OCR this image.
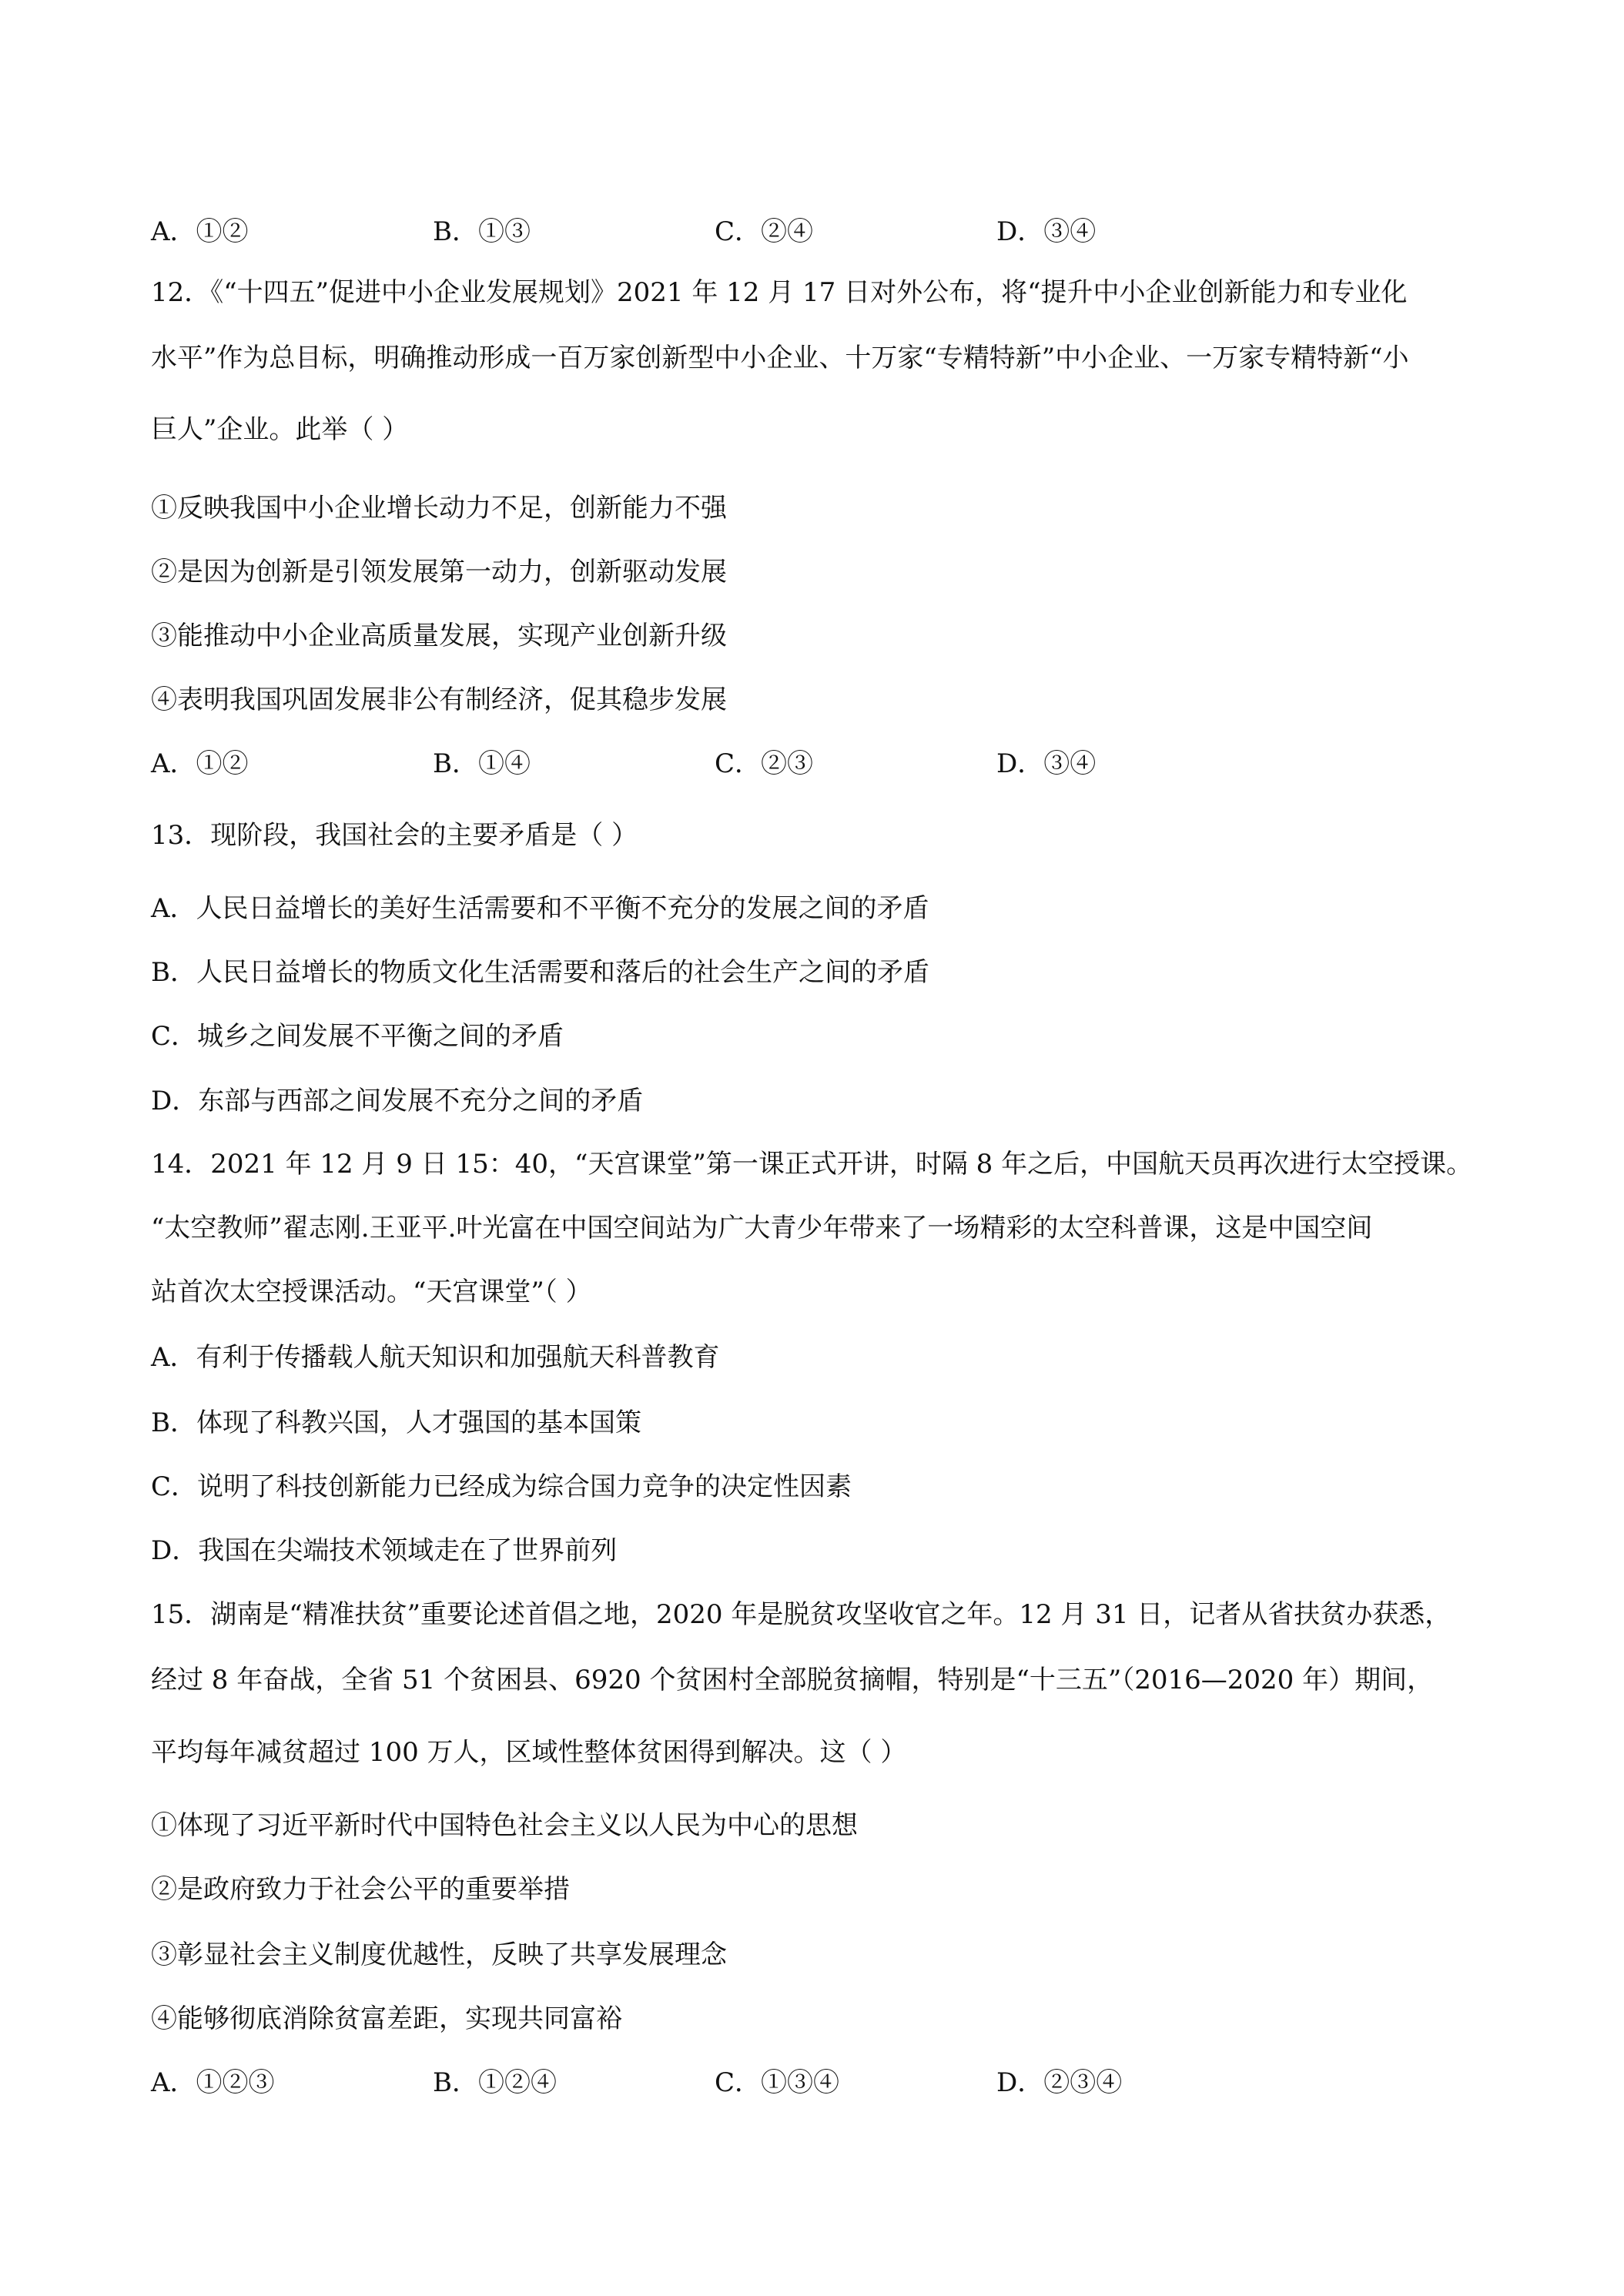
A．①②	B．①③	C．②④	D．③④
12．《“十四五”促进中小企业发展规划》2021 年 12 月 17 日对外公布，将“提升中小企业创新能力和专业化
水平”作为总目标，明确推动形成一百万家创新型中小企业、十万家“专精特新”中小企业、一万家专精特新“小
巨人”企业。此举（ ）
①反映我国中小企业增长动力不足，创新能力不强
②是因为创新是引领发展第一动力，创新驱动发展
③能推动中小企业高质量发展，实现产业创新升级
④表明我国巩固发展非公有制经济，促其稳步发展
A．①②	B．①④	C．②③	D．③④
13．现阶段，我国社会的主要矛盾是（ ）
A．人民日益增长的美好生活需要和不平衡不充分的发展之间的矛盾
B．人民日益增长的物质文化生活需要和落后的社会生产之间的矛盾
C．城乡之间发展不平衡之间的矛盾
D．东部与西部之间发展不充分之间的矛盾
14．2021 年 12 月 9 日 15：40，“天宫课堂”第一课正式开讲，时隔 8 年之后，中国航天员再次进行太空授课。
“太空教师”翟志刚.王亚平.叶光富在中国空间站为广大青少年带来了一场精彩的太空科普课，这是中国空间
站首次太空授课活动。“天宫课堂”（ ）
A．有利于传播载人航天知识和加强航天科普教育
B．体现了科教兴国，人才强国的基本国策
C．说明了科技创新能力已经成为综合国力竞争的决定性因素
D．我国在尖端技术领域走在了世界前列
15．湖南是“精准扶贫”重要论述首倡之地，2020 年是脱贫攻坚收官之年。12 月 31 日，记者从省扶贫办获悉，
经过 8 年奋战，全省 51 个贫困县、6920 个贫困村全部脱贫摘帽，特别是“十三五”（2016—2020 年）期间，
平均每年减贫超过 100 万人，区域性整体贫困得到解决。这（ ）
①体现了习近平新时代中国特色社会主义以人民为中心的思想
②是政府致力于社会公平的重要举措
③彰显社会主义制度优越性，反映了共享发展理念
④能够彻底消除贫富差距，实现共同富裕
A．①②③	B．①②④	C．①③④	D．②③④
